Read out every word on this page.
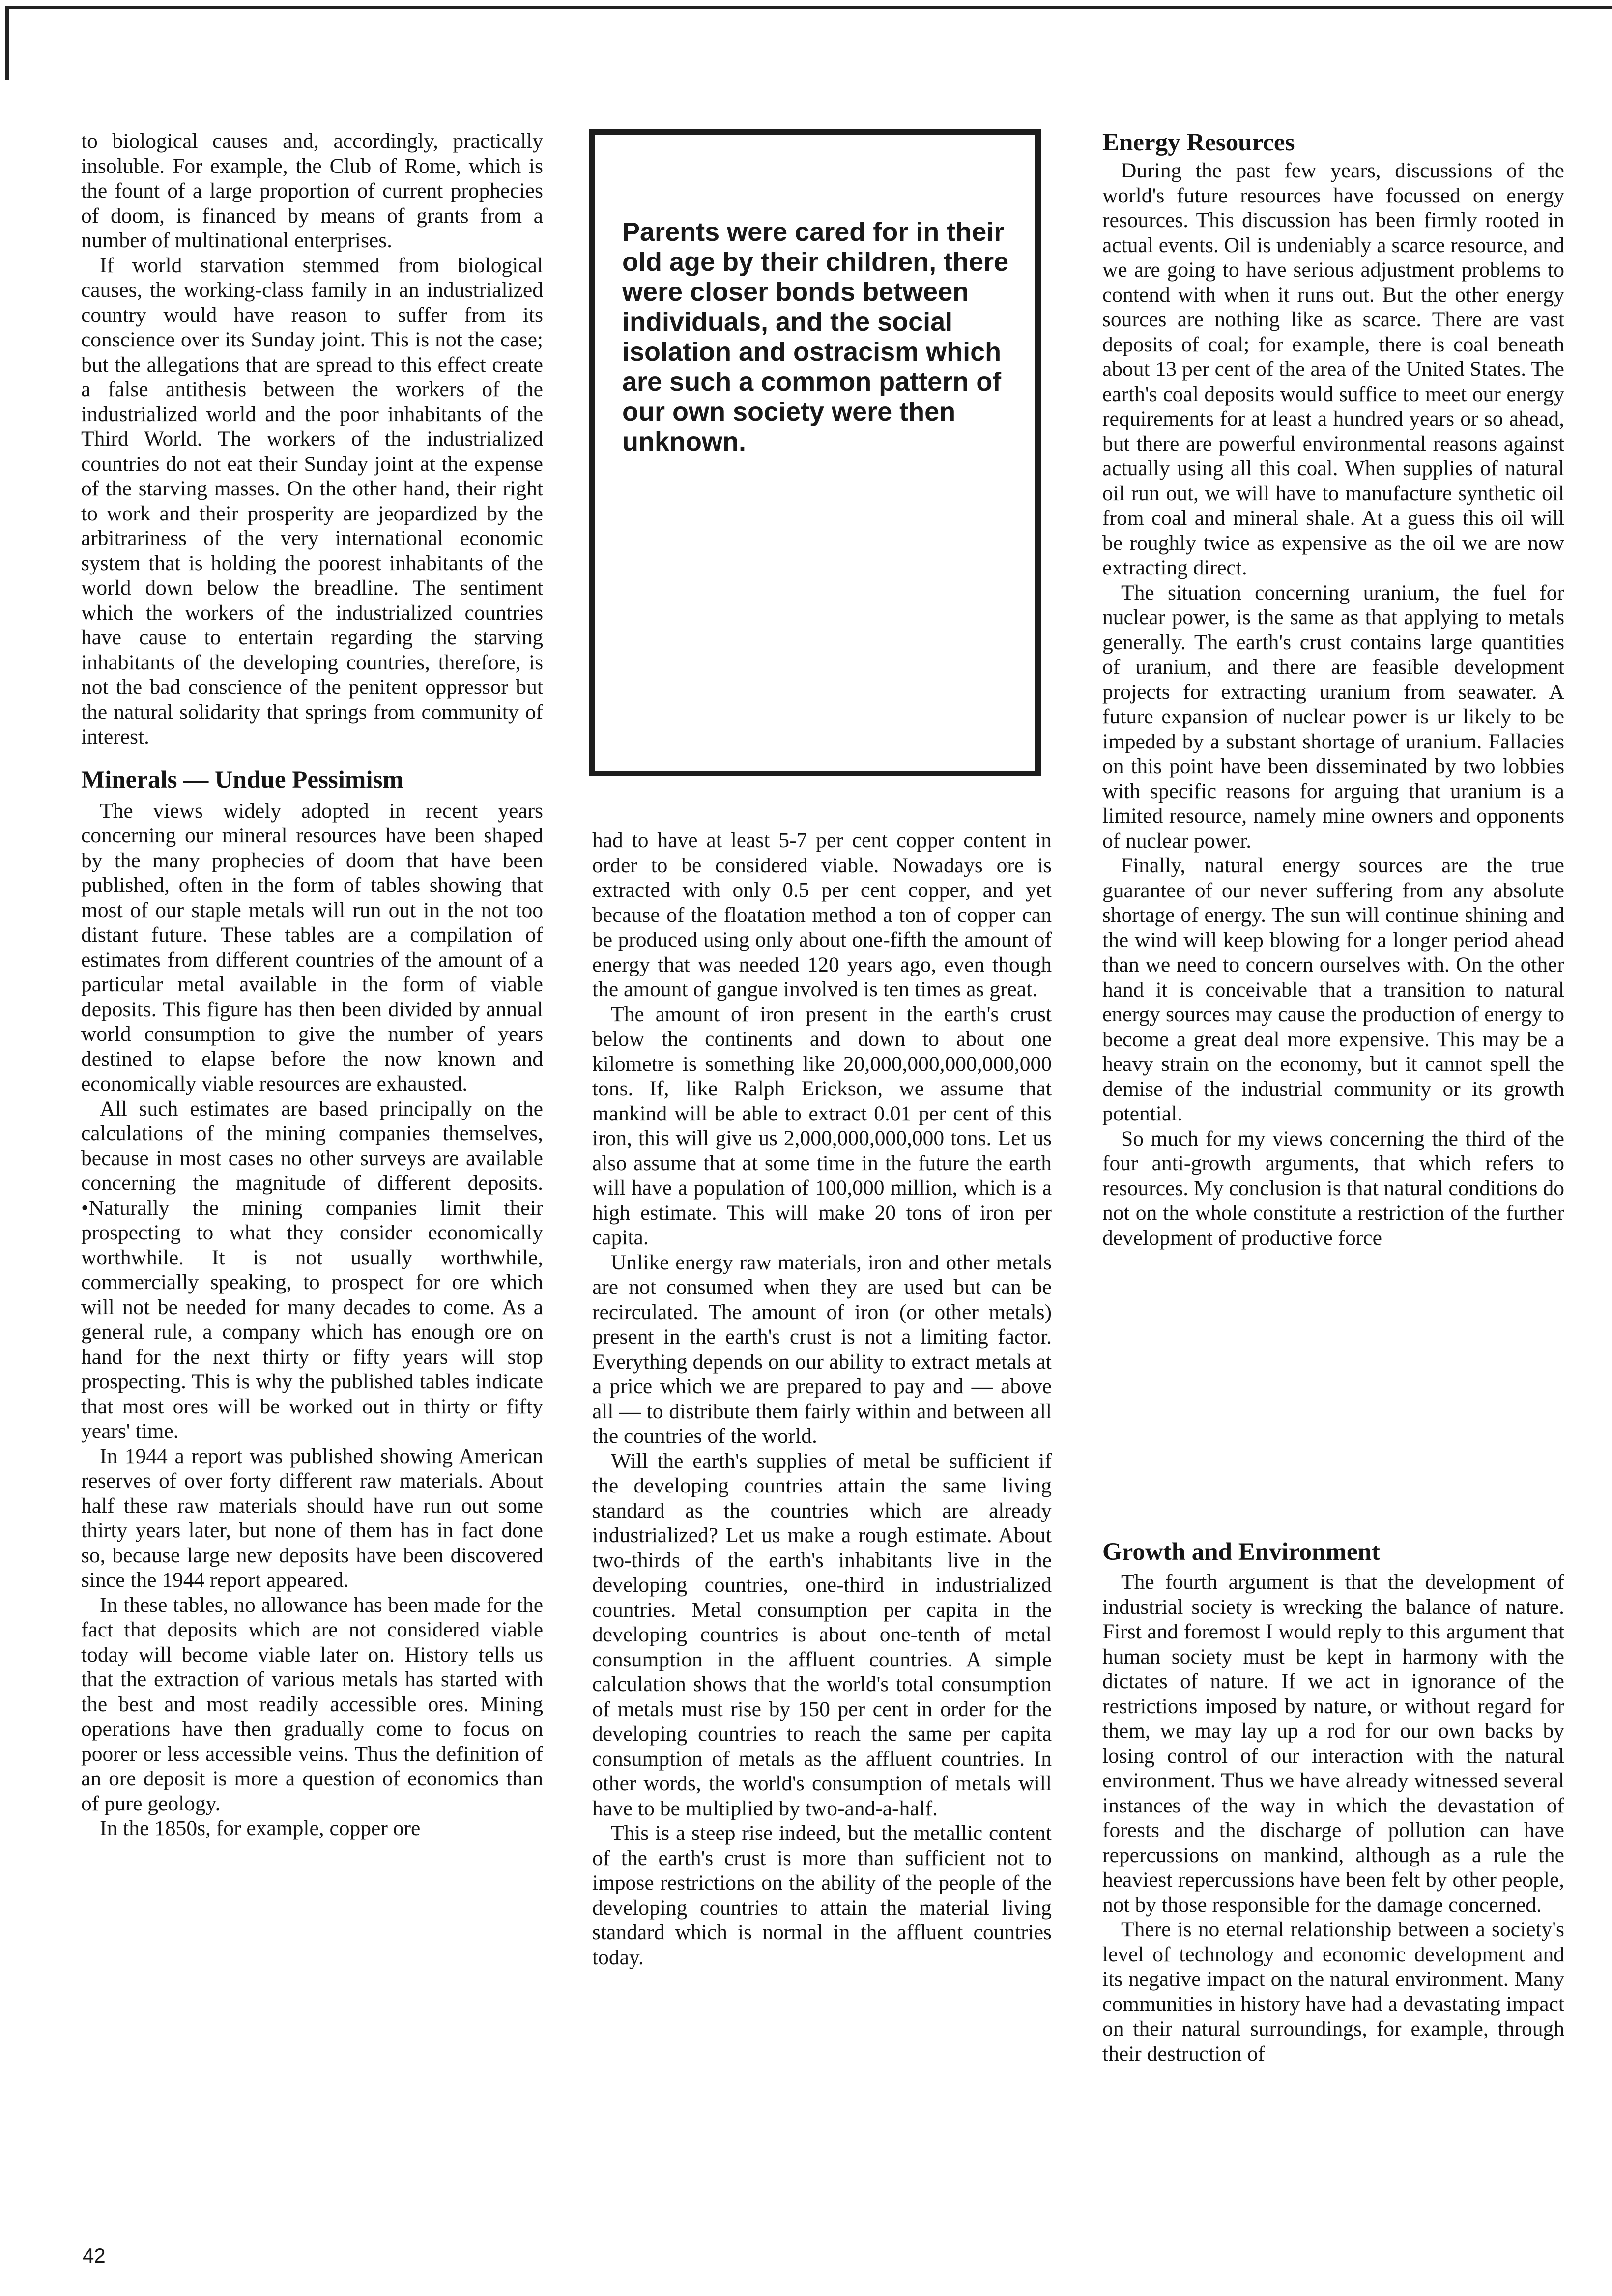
to biological causes and, accordingly, practically insoluble. For example, the Club of Rome, which is the fount of a large proportion of current prophecies of doom, is financed by means of grants from a number of multinational enterprises.

If world starvation stemmed from biological causes, the working-class family in an industrialized country would have reason to suffer from its conscience over its Sunday joint. This is not the case; but the allegations that are spread to this effect create a false antithesis between the workers of the industrialized world and the poor inhabitants of the Third World. The workers of the industrialized countries do not eat their Sunday joint at the expense of the starving masses. On the other hand, their right to work and their prosperity are jeopardized by the arbitrariness of the very international economic system that is holding the poorest inhabitants of the world down below the breadline. The sentiment which the workers of the industrialized countries have cause to entertain regarding the starving inhabitants of the developing countries, therefore, is not the bad conscience of the penitent oppressor but the natural solidarity that springs from community of interest.

Minerals — Undue Pessimism

The views widely adopted in recent years concerning our mineral resources have been shaped by the many prophecies of doom that have been published, often in the form of tables showing that most of our staple metals will run out in the not too distant future. These tables are a compilation of estimates from different countries of the amount of a particular metal available in the form of viable deposits. This figure has then been divided by annual world consumption to give the number of years destined to elapse before the now known and economically viable resources are exhausted.

All such estimates are based principally on the calculations of the mining companies themselves, because in most cases no other surveys are available concerning the magnitude of different deposits. •Naturally the mining companies limit their prospecting to what they consider economically worthwhile. It is not usually worthwhile, commercially speaking, to prospect for ore which will not be needed for many decades to come. As a general rule, a company which has enough ore on hand for the next thirty or fifty years will stop prospecting. This is why the published tables indicate that most ores will be worked out in thirty or fifty years' time.

In 1944 a report was published showing American reserves of over forty different raw materials. About half these raw materials should have run out some thirty years later, but none of them has in fact done so, because large new deposits have been discovered since the 1944 report appeared.

In these tables, no allowance has been made for the fact that deposits which are not considered viable today will become viable later on. History tells us that the extraction of various metals has started with the best and most readily accessible ores. Mining operations have then gradually come to focus on poorer or less accessible veins. Thus the definition of an ore deposit is more a question of economics than of pure geology.

In the 1850s, for example, copper ore

Parents were cared for in their old age by their children, there were closer bonds between individuals, and the social isolation and ostracism which are such a common pattern of our own society were then unknown.

had to have at least 5-7 per cent copper content in order to be considered viable. Nowadays ore is extracted with only 0.5 per cent copper, and yet because of the floatation method a ton of copper can be produced using only about one-fifth the amount of energy that was needed 120 years ago, even though the amount of gangue involved is ten times as great.

The amount of iron present in the earth's crust below the continents and down to about one kilometre is something like 20,000,000,000,000,000 tons. If, like Ralph Erickson, we assume that mankind will be able to extract 0.01 per cent of this iron, this will give us 2,000,000,000,000 tons. Let us also assume that at some time in the future the earth will have a population of 100,000 million, which is a high estimate. This will make 20 tons of iron per capita.

Unlike energy raw materials, iron and other metals are not consumed when they are used but can be recirculated. The amount of iron (or other metals) present in the earth's crust is not a limiting factor. Everything depends on our ability to extract metals at a price which we are prepared to pay and — above all — to distribute them fairly within and between all the countries of the world.

Will the earth's supplies of metal be sufficient if the developing countries attain the same living standard as the countries which are already industrialized? Let us make a rough estimate. About two-thirds of the earth's inhabitants live in the developing countries, one-third in industrialized countries. Metal consumption per capita in the developing countries is about one-tenth of metal consumption in the affluent countries. A simple calculation shows that the world's total consumption of metals must rise by 150 per cent in order for the developing countries to reach the same per capita consumption of metals as the affluent countries. In other words, the world's consumption of metals will have to be multiplied by two-and-a-half.

This is a steep rise indeed, but the metallic content of the earth's crust is more than sufficient not to impose restrictions on the ability of the people of the developing countries to attain the material living standard which is normal in the affluent countries today.

Energy Resources

During the past few years, discussions of the world's future resources have focussed on energy resources. This discussion has been firmly rooted in actual events. Oil is undeniably a scarce resource, and we are going to have serious adjustment problems to contend with when it runs out. But the other energy sources are nothing like as scarce. There are vast deposits of coal; for example, there is coal beneath about 13 per cent of the area of the United States. The earth's coal deposits would suffice to meet our energy requirements for at least a hundred years or so ahead, but there are powerful environmental reasons against actually using all this coal. When supplies of natural oil run out, we will have to manufacture synthetic oil from coal and mineral shale. At a guess this oil will be roughly twice as expensive as the oil we are now extracting direct.

The situation concerning uranium, the fuel for nuclear power, is the same as that applying to metals generally. The earth's crust contains large quantities of uranium, and there are feasible development projects for extracting uranium from seawater. A future expansion of nuclear power is ur likely to be impeded by a substant shortage of uranium. Fallacies on this point have been disseminated by two lobbies with specific reasons for arguing that uranium is a limited resource, namely mine owners and opponents of nuclear power.

Finally, natural energy sources are the true guarantee of our never suffering from any absolute shortage of energy. The sun will continue shining and the wind will keep blowing for a longer period ahead than we need to concern ourselves with. On the other hand it is conceivable that a transition to natural energy sources may cause the production of energy to become a great deal more expensive. This may be a heavy strain on the economy, but it cannot spell the demise of the industrial community or its growth potential.

So much for my views concerning the third of the four anti-growth arguments, that which refers to resources. My conclusion is that natural conditions do not on the whole constitute a restriction of the further development of productive force

Growth and Environment

The fourth argument is that the development of industrial society is wrecking the balance of nature. First and foremost I would reply to this argument that human society must be kept in harmony with the dictates of nature. If we act in ignorance of the restrictions imposed by nature, or without regard for them, we may lay up a rod for our own backs by losing control of our interaction with the natural environment. Thus we have already witnessed several instances of the way in which the devastation of forests and the discharge of pollution can have repercussions on mankind, although as a rule the heaviest repercussions have been felt by other people, not by those responsible for the damage concerned.

There is no eternal relationship between a society's level of technology and economic development and its negative impact on the natural environment. Many communities in history have had a devastating impact on their natural surroundings, for example, through their destruction of

42
